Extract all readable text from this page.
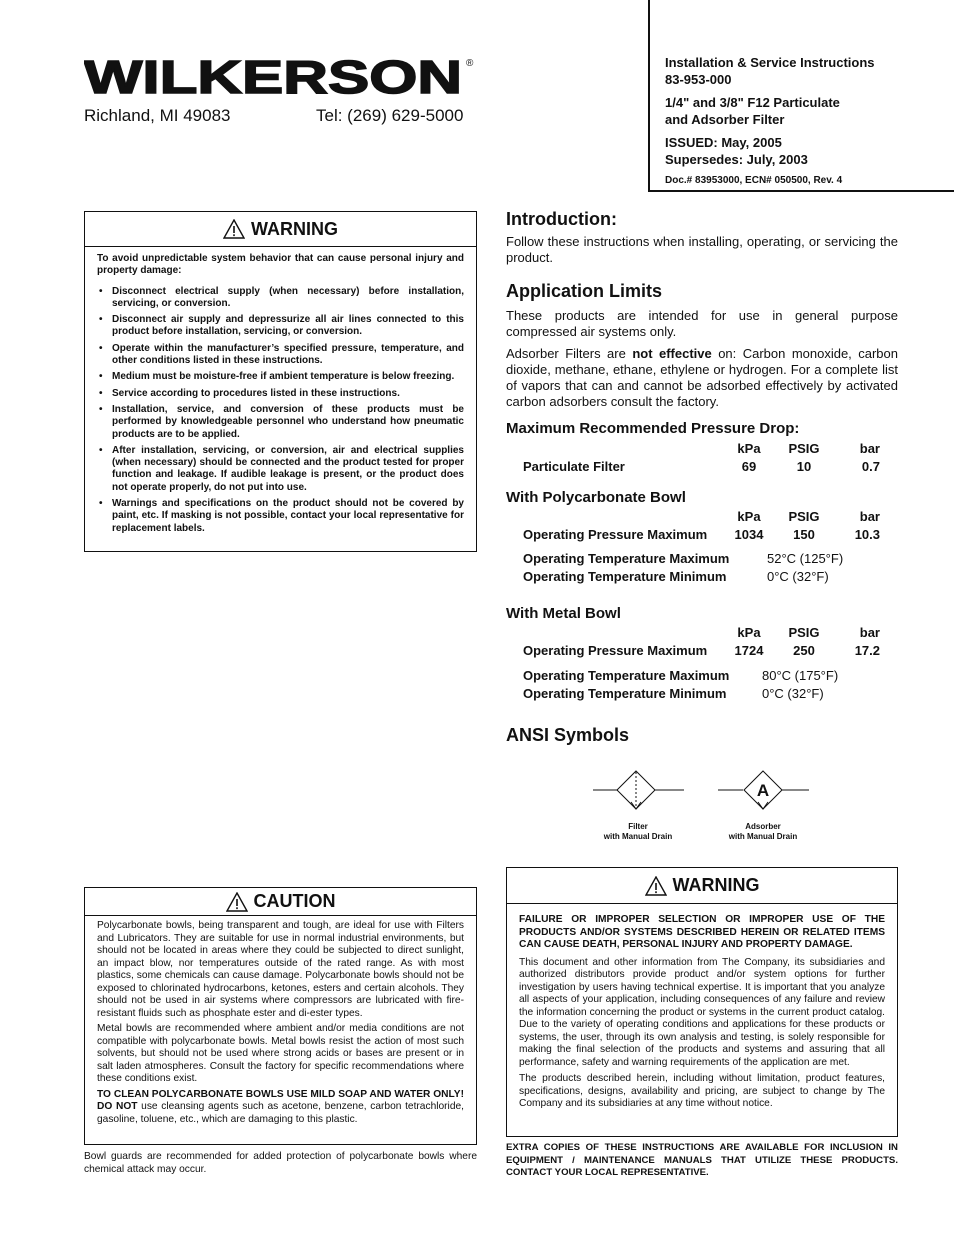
WILKERSON ®
Richland, MI 49083	Tel: (269) 629-5000
Installation & Service Instructions
83-953-000
1/4" and 3/8" F12 Particulate
and Adsorber Filter
ISSUED: May, 2005
Supersedes: July, 2003
Doc.# 83953000, ECN# 050500, Rev. 4
WARNING
To avoid unpredictable system behavior that can cause personal injury and property damage:
• Disconnect electrical supply (when necessary) before installation, servicing, or conversion.
• Disconnect air supply and depressurize all air lines connected to this product before installation, servicing, or conversion.
• Operate within the manufacturer’s specified pressure, temperature, and other conditions listed in these instructions.
• Medium must be moisture-free if ambient temperature is below freezing.
• Service according to procedures listed in these instructions.
• Installation, service, and conversion of these products must be performed by knowledgeable personnel who understand how pneumatic products are to be applied.
• After installation, servicing, or conversion, air and electrical supplies (when necessary) should be connected and the product tested for proper function and leakage. If audible leakage is present, or the product does not operate properly, do not put into use.
• Warnings and specifications on the product should not be covered by paint, etc. If masking is not possible, contact your local representative for replacement labels.
CAUTION

Polycarbonate bowls, being transparent and tough, are ideal for use with Filters and Lubricators. They are suitable for use in normal industrial environments, but should not be located in areas where they could be subjected to direct sunlight, an impact blow, nor temperatures outside of the rated range. As with most plastics, some chemicals can cause damage. Polycarbonate bowls should not be exposed to chlorinated hydrocarbons, ketones, esters and certain alcohols. They should not be used in air systems where compressors are lubricated with fire-resistant fluids such as phosphate ester and di-ester types.

Metal bowls are recommended where ambient and/or media conditions are not compatible with polycarbonate bowls. Metal bowls resist the action of most such solvents, but should not be used where strong acids or bases are present or in salt laden atmospheres. Consult the factory for specific recommendations where these conditions exist.

TO CLEAN POLYCARBONATE BOWLS USE MILD SOAP AND WATER ONLY! DO NOT use cleansing agents such as acetone, benzene, carbon tetrachloride, gasoline, toluene, etc., which are damaging to this plastic.

Bowl guards are recommended for added protection of polycarbonate bowls where chemical attack may occur.
Introduction:
Follow these instructions when installing, operating, or servicing the product.
Application Limits
These products are intended for use in general purpose compressed air systems only.
Adsorber Filters are not effective on: Carbon monoxide, carbon dioxide, methane, ethane, ethylene or hydrogen. For a complete list of vapors that can and cannot be adsorbed effectively by activated carbon adsorbers consult the factory.
Maximum Recommended Pressure Drop:
kPa	PSIG	bar
Particulate Filter	69	10	0.7
With Polycarbonate Bowl
kPa	PSIG	bar
Operating Pressure Maximum	1034	150	10.3
Operating Temperature Maximum	52°C (125°F)
Operating Temperature Minimum	0°C (32°F)
With Metal Bowl
kPa	PSIG	bar
Operating Pressure Maximum	1724	250	17.2
Operating Temperature Maximum	80°C (175°F)
Operating Temperature Minimum	0°C (32°F)
ANSI Symbols
A
Filter
with Manual Drain
Adsorber
with Manual Drain
WARNING
FAILURE OR IMPROPER SELECTION OR IMPROPER USE OF THE PRODUCTS AND/OR SYSTEMS DESCRIBED HEREIN OR RELATED ITEMS CAN CAUSE DEATH, PERSONAL INJURY AND PROPERTY DAMAGE.

This document and other information from The Company, its subsidiaries and authorized distributors provide product and/or system options for further investigation by users having technical expertise. It is important that you analyze all aspects of your application, including consequences of any failure and review the information concerning the product or systems in the current product catalog. Due to the variety of operating conditions and applications for these products or systems, the user, through its own analysis and testing, is solely responsible for making the final selection of the products and systems and assuring that all performance, safety and warning requirements of the application are met.

The products described herein, including without limitation, product features, specifications, designs, availability and pricing, are subject to change by The Company and its subsidiaries at any time without notice.

EXTRA COPIES OF THESE INSTRUCTIONS ARE AVAILABLE FOR INCLUSION IN EQUIPMENT / MAINTENANCE MANUALS THAT UTILIZE THESE PRODUCTS. CONTACT YOUR LOCAL REPRESENTATIVE.
